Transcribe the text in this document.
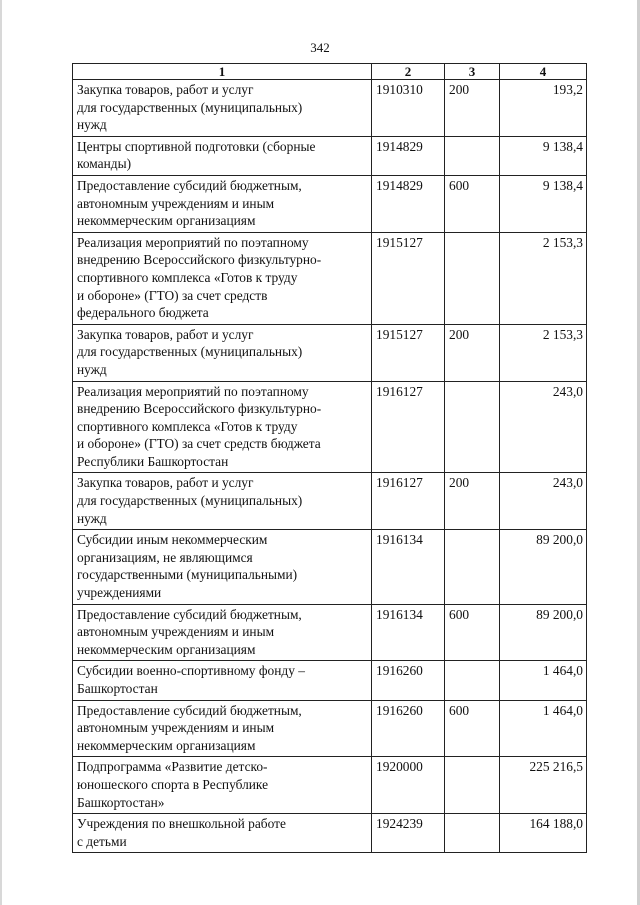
342
1	2	3	4
Закупка товаров, работ и услуг
для государственных (муниципальных)
нужд	1910310	200	193,2
Центры спортивной подготовки (сборные
команды)	1914829		9 138,4
Предоставление субсидий бюджетным,
автономным учреждениям и иным
некоммерческим организациям	1914829	600	9 138,4
Реализация мероприятий по поэтапному
внедрению Всероссийского физкультурно-
спортивного комплекса «Готов к труду
и обороне» (ГТО) за счет средств
федерального бюджета	1915127		2 153,3
Закупка товаров, работ и услуг
для государственных (муниципальных)
нужд	1915127	200	2 153,3
Реализация мероприятий по поэтапному
внедрению Всероссийского физкультурно-
спортивного комплекса «Готов к труду
и обороне» (ГТО) за счет средств бюджета
Республики Башкортостан	1916127		243,0
Закупка товаров, работ и услуг
для государственных (муниципальных)
нужд	1916127	200	243,0
Субсидии иным некоммерческим
организациям, не являющимся
государственными (муниципальными)
учреждениями	1916134		89 200,0
Предоставление субсидий бюджетным,
автономным учреждениям и иным
некоммерческим организациям	1916134	600	89 200,0
Субсидии военно-спортивному фонду –
Башкортостан	1916260		1 464,0
Предоставление субсидий бюджетным,
автономным учреждениям и иным
некоммерческим организациям	1916260	600	1 464,0
Подпрограмма «Развитие детско-
юношеского спорта в Республике
Башкортостан»	1920000		225 216,5
Учреждения по внешкольной работе
с детьми	1924239		164 188,0
